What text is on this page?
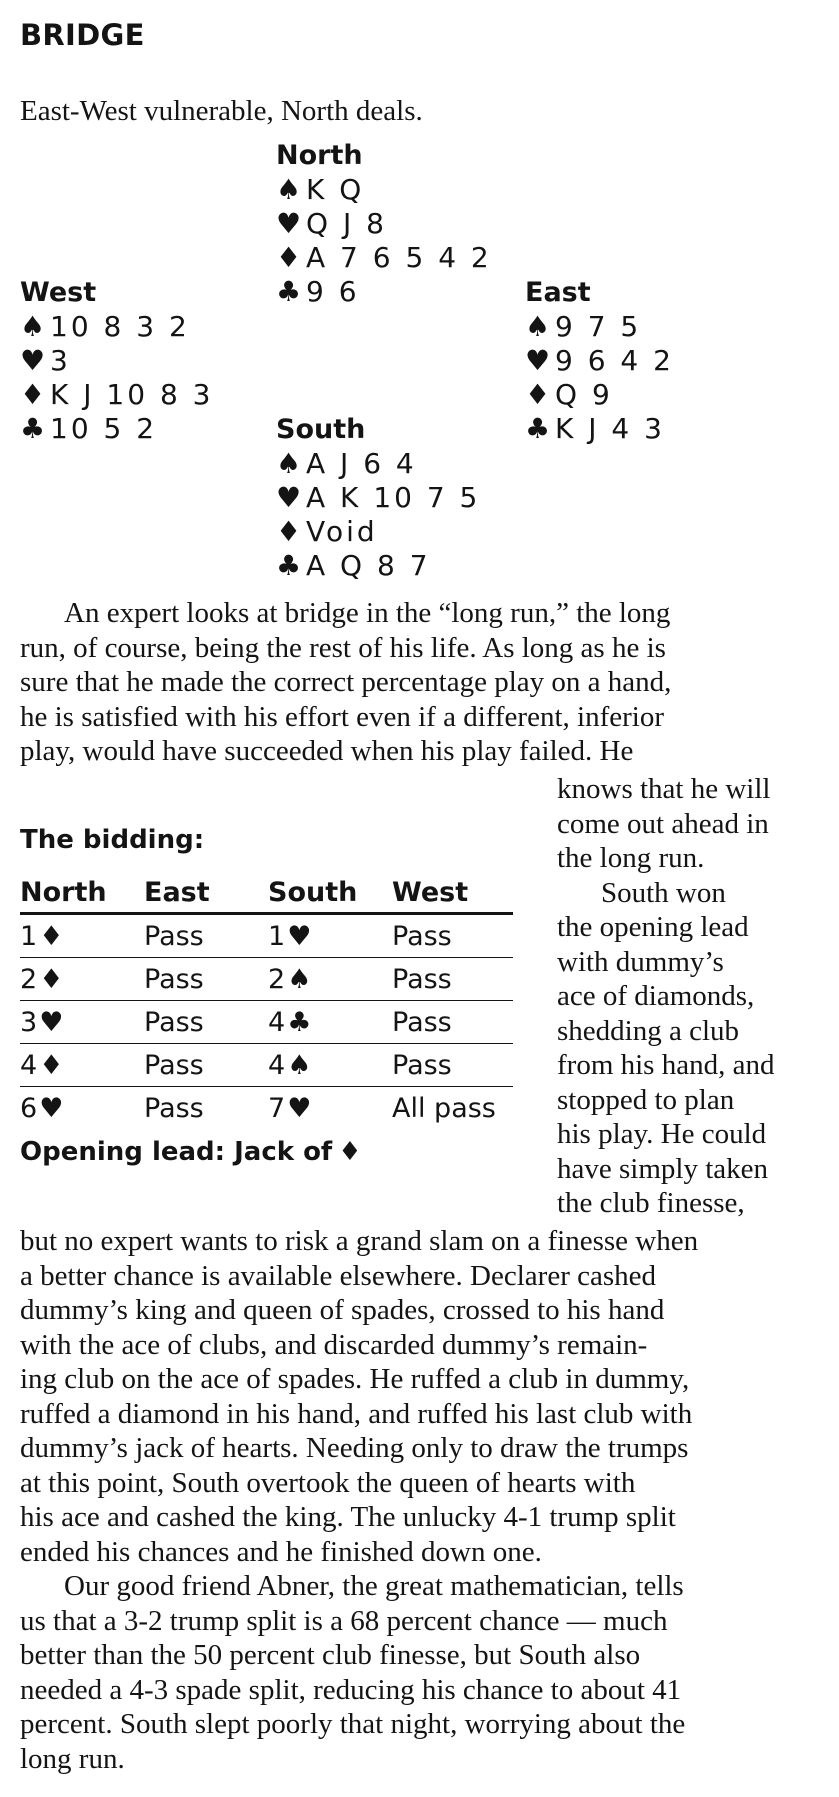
BRIDGE
East-West vulnerable, North deals.
North
♠ K Q
♥ Q J 8
♦ A 7 6 5 4 2
♣ 9 6
West
♠ 10 8 3 2
♥ 3
♦ K J 10 8 3
♣ 10 5 2
East
♠ 9 7 5
♥ 9 6 4 2
♦ Q 9
♣ K J 4 3
South
♠ A J 6 4
♥ A K 10 7 5
♦ Void
♣ A Q 8 7
An expert looks at bridge in the “long run,” the long
run, of course, being the rest of his life. As long as he is
sure that he made the correct percentage play on a hand,
he is satisfied with his effort even if a different, inferior
play, would have succeeded when his play failed. He
The bidding:
North	East	South	West
1 ♦	Pass	1 ♥	Pass
2 ♦	Pass	2 ♠	Pass
3 ♥	Pass	4 ♣	Pass
4 ♦	Pass	4 ♠	Pass
6 ♥	Pass	7 ♥	All pass
Opening lead: Jack of ♦
knows that he will
come out ahead in
the long run.
South won
the opening lead
with dummy’s
ace of diamonds,
shedding a club
from his hand, and
stopped to plan
his play. He could
have simply taken
the club finesse,
but no expert wants to risk a grand slam on a finesse when
a better chance is available elsewhere. Declarer cashed
dummy’s king and queen of spades, crossed to his hand
with the ace of clubs, and discarded dummy’s remain-
ing club on the ace of spades. He ruffed a club in dummy,
ruffed a diamond in his hand, and ruffed his last club with
dummy’s jack of hearts. Needing only to draw the trumps
at this point, South overtook the queen of hearts with
his ace and cashed the king. The unlucky 4-1 trump split
ended his chances and he finished down one.
Our good friend Abner, the great mathematician, tells
us that a 3-2 trump split is a 68 percent chance — much
better than the 50 percent club finesse, but South also
needed a 4-3 spade split, reducing his chance to about 41
percent. South slept poorly that night, worrying about the
long run.
